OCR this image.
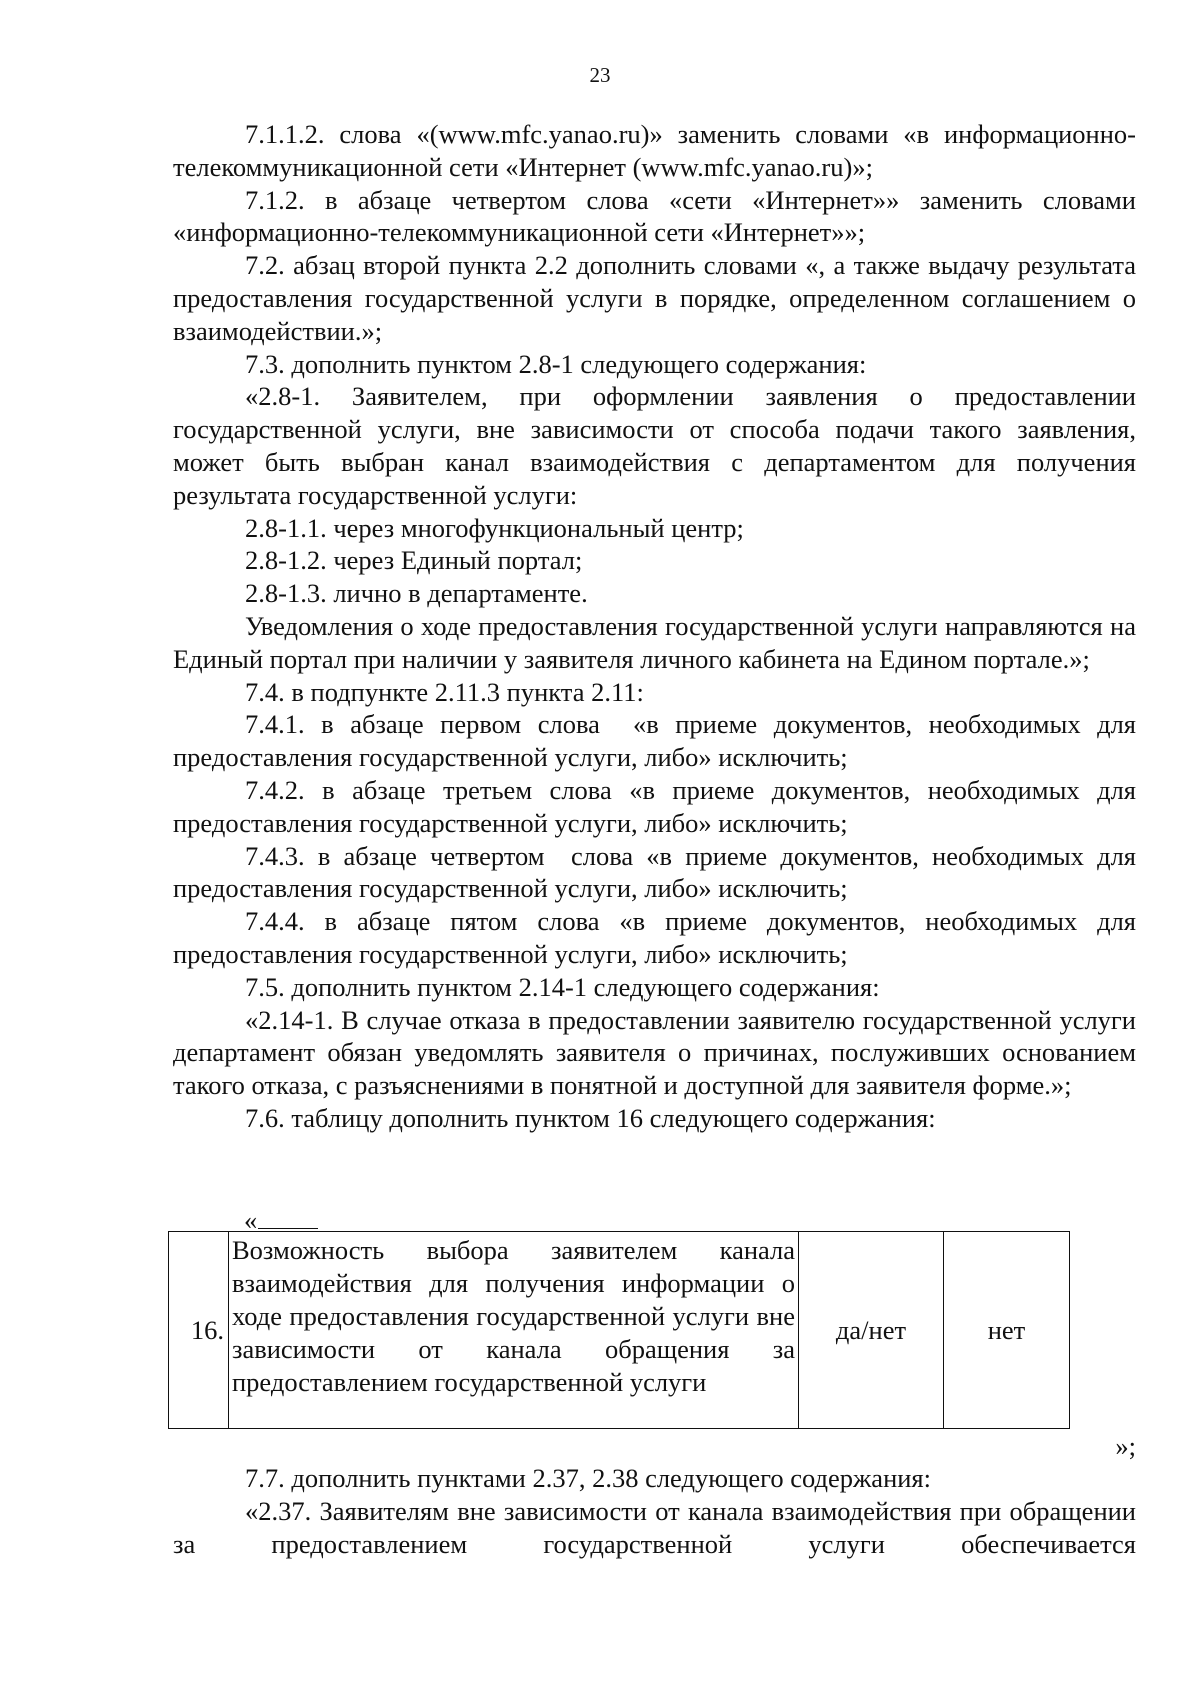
23

7.1.1.2. слова «(www.mfc.yanao.ru)» заменить словами «в информационно-телекоммуникационной сети «Интернет (www.mfc.yanao.ru)»;

7.1.2. в абзаце четвертом слова «сети «Интернет»» заменить словами «информационно-телекоммуникационной сети «Интернет»»;

7.2. абзац второй пункта 2.2 дополнить словами «, а также выдачу результата предоставления государственной услуги в порядке, определенном соглашением о взаимодействии.»;

7.3. дополнить пунктом 2.8-1 следующего содержания:

«2.8-1. Заявителем, при оформлении заявления о предоставлении государственной услуги, вне зависимости от способа подачи такого заявления, может быть выбран канал взаимодействия с департаментом для получения результата государственной услуги:

2.8-1.1. через многофункциональный центр;

2.8-1.2. через Единый портал;

2.8-1.3. лично в департаменте.

Уведомления о ходе предоставления государственной услуги направляются на Единый портал при наличии у заявителя личного кабинета на Едином портале.»;

7.4. в подпункте 2.11.3 пункта 2.11:

7.4.1. в абзаце первом слова  «в приеме документов, необходимых для предоставления государственной услуги, либо» исключить;

7.4.2. в абзаце третьем слова «в приеме документов, необходимых для предоставления государственной услуги, либо» исключить;

7.4.3. в абзаце четвертом  слова «в приеме документов, необходимых для предоставления государственной услуги, либо» исключить;

7.4.4. в абзаце пятом слова «в приеме документов, необходимых для предоставления государственной услуги, либо» исключить;

7.5. дополнить пунктом 2.14-1 следующего содержания:

«2.14-1. В случае отказа в предоставлении заявителю государственной услуги департамент обязан уведомлять заявителя о причинах, послуживших основанием такого отказа, с разъяснениями в понятной и доступной для заявителя форме.»;

7.6. таблицу дополнить пунктом 16 следующего содержания:

«
16.	Возможность выбора заявителем канала взаимодействия для получения информации о ходе предоставления государственной услуги вне зависимости от канала обращения за предоставлением государственной услуги	да/нет	нет
»;

7.7. дополнить пунктами 2.37, 2.38 следующего содержания:

«2.37. Заявителям вне зависимости от канала взаимодействия при обращении за предоставлением государственной услуги обеспечивается
